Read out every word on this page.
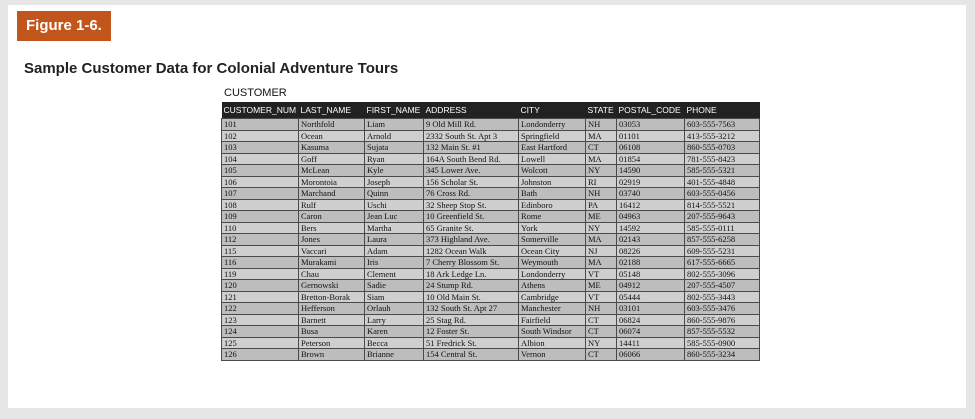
Figure 1-6.
Sample Customer Data for Colonial Adventure Tours
CUSTOMER
CUSTOMER_NUM	LAST_NAME	FIRST_NAME	ADDRESS	CITY	STATE	POSTAL_CODE	PHONE
101	Northfold	Liam	9 Old Mill Rd.	Londonderry	NH	03053	603-555-7563
102	Ocean	Arnold	2332 South St. Apt 3	Springfield	MA	01101	413-555-3212
103	Kasuma	Sujata	132 Main St. #1	East Hartford	CT	06108	860-555-0703
104	Goff	Ryan	164A South Bend Rd.	Lowell	MA	01854	781-555-8423
105	McLean	Kyle	345 Lower Ave.	Wolcott	NY	14590	585-555-5321
106	Morontoia	Joseph	156 Scholar St.	Johnston	RI	02919	401-555-4848
107	Marchand	Quinn	76 Cross Rd.	Bath	NH	03740	603-555-0456
108	Rulf	Uschi	32 Sheep Stop St.	Edinboro	PA	16412	814-555-5521
109	Caron	Jean Luc	10 Greenfield St.	Rome	ME	04963	207-555-9643
110	Bers	Martha	65 Granite St.	York	NY	14592	585-555-0111
112	Jones	Laura	373 Highland Ave.	Somerville	MA	02143	857-555-6258
115	Vaccari	Adam	1282 Ocean Walk	Ocean City	NJ	08226	609-555-5231
116	Murakami	Iris	7 Cherry Blossom St.	Weymouth	MA	02188	617-555-6665
119	Chau	Clement	18 Ark Ledge Ln.	Londonderry	VT	05148	802-555-3096
120	Gernowski	Sadie	24 Stump Rd.	Athens	ME	04912	207-555-4507
121	Bretton-Borak	Siam	10 Old Main St.	Cambridge	VT	05444	802-555-3443
122	Hefferson	Orlauh	132 South St. Apt 27	Manchester	NH	03101	603-555-3476
123	Barnett	Larry	25 Stag Rd.	Fairfield	CT	06824	860-555-9876
124	Busa	Karen	12 Foster St.	South Windsor	CT	06074	857-555-5532
125	Peterson	Becca	51 Fredrick St.	Albion	NY	14411	585-555-0900
126	Brown	Brianne	154 Central St.	Vernon	CT	06066	860-555-3234
